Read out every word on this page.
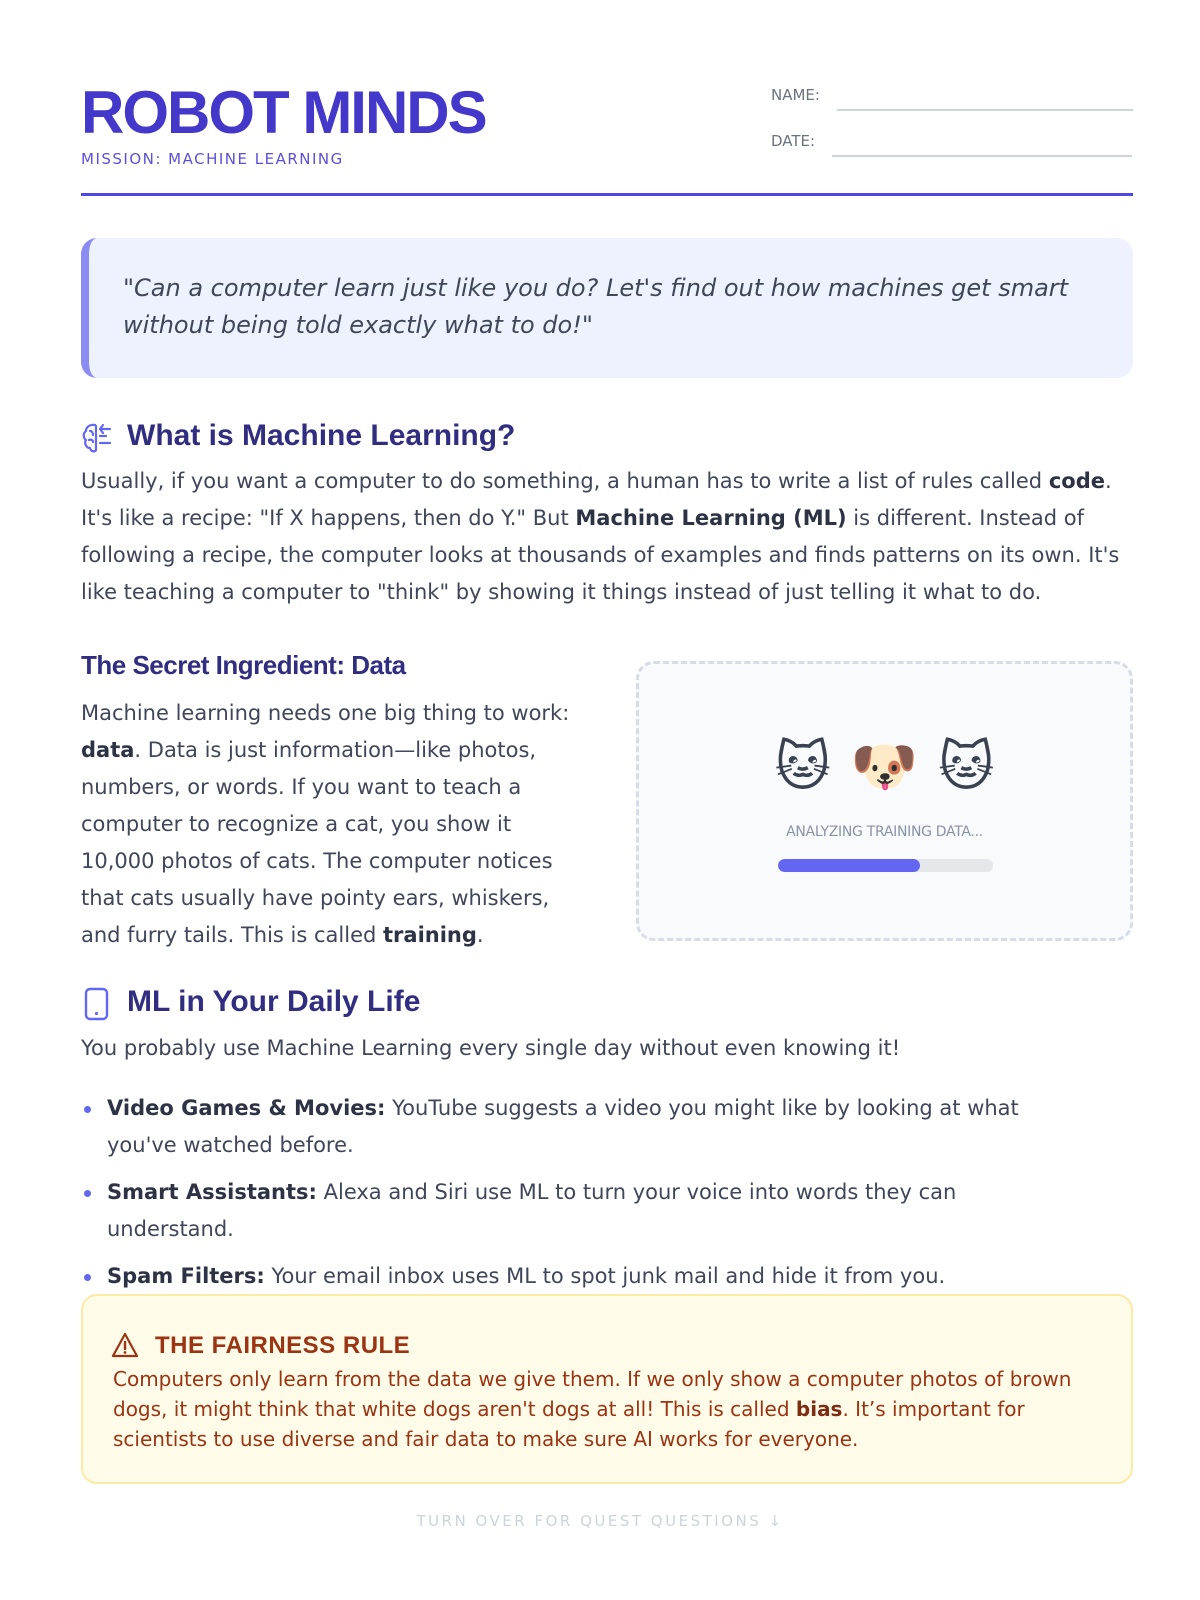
ROBOT MINDS
MISSION: MACHINE LEARNING
NAME:
DATE:
"Can a computer learn just like you do? Let's find out how machines get smart without being told exactly what to do!"
What is Machine Learning?

Usually, if you want a computer to do something, a human has to write a list of rules called code. It's like a recipe: "If X happens, then do Y." But Machine Learning (ML) is different. Instead of following a recipe, the computer looks at thousands of examples and finds patterns on its own. It's like teaching a computer to "think" by showing it things instead of just telling it what to do.

The Secret Ingredient: Data

Machine learning needs one big thing to work: data. Data is just information—like photos, numbers, or words. If you want to teach a computer to recognize a cat, you show it 10,000 photos of cats. The computer notices that cats usually have pointy ears, whiskers, and furry tails. This is called training.

🐱 🐶 🐱
ANALYZING TRAINING DATA...
ML in Your Daily Life

You probably use Machine Learning every single day without even knowing it!

Video Games & Movies: YouTube suggests a video you might like by looking at what you've watched before.
Smart Assistants: Alexa and Siri use ML to turn your voice into words they can understand.
Spam Filters: Your email inbox uses ML to spot junk mail and hide it from you.
THE FAIRNESS RULE

Computers only learn from the data we give them. If we only show a computer photos of brown dogs, it might think that white dogs aren't dogs at all! This is called bias. It’s important for scientists to use diverse and fair data to make sure AI works for everyone.

TURN OVER FOR QUEST QUESTIONS ↓
